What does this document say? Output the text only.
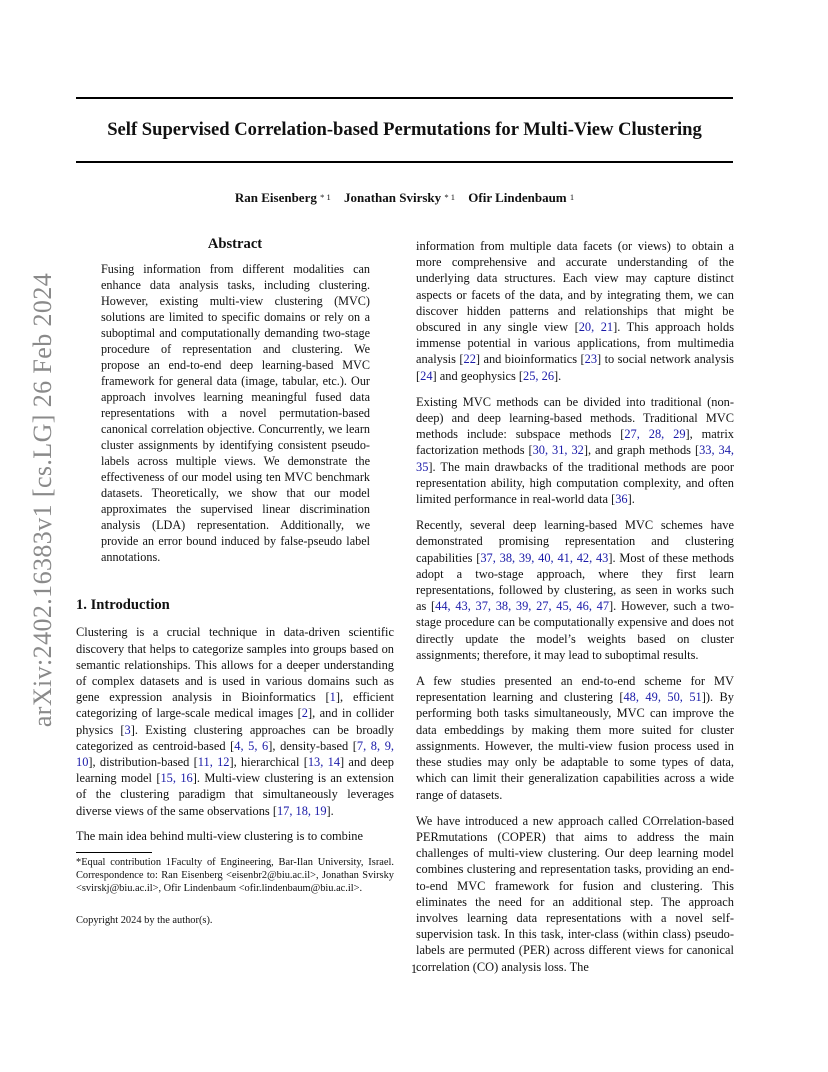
arXiv:2402.16383v1 [cs.LG] 26 Feb 2024
Self Supervised Correlation-based Permutations for Multi-View Clustering
Ran Eisenberg $^{* 1}$ Jonathan Svirsky $^{* 1}$ Ofir Lindenbaum $^1$
Abstract
Fusing information from different modalities can enhance data analysis tasks, including clustering. However, existing multi-view clustering (MVC) solutions are limited to specific domains or rely on a suboptimal and computationally demanding two-stage procedure of representation and clustering. We propose an end-to-end deep learning-based MVC framework for general data (image, tabular, etc.). Our approach involves learning meaningful fused data representations with a novel permutation-based canonical correlation objective. Concurrently, we learn cluster assignments by identifying consistent pseudo-labels across multiple views. We demonstrate the effectiveness of our model using ten MVC benchmark datasets. Theoretically, we show that our model approximates the supervised linear discrimination analysis (LDA) representation. Additionally, we provide an error bound induced by false-pseudo label annotations.
1. Introduction

Clustering is a crucial technique in data-driven scientific discovery that helps to categorize samples into groups based on semantic relationships. This allows for a deeper understanding of complex datasets and is used in various domains such as gene expression analysis in Bioinformatics [1], efficient categorizing of large-scale medical images [2], and in collider physics [3]. Existing clustering approaches can be broadly categorized as centroid-based [4, 5, 6], density-based [7, 8, 9, 10], distribution-based [11, 12], hierarchical [13, 14] and deep learning model [15, 16]. Multi-view clustering is an extension of the clustering paradigm that simultaneously leverages diverse views of the same observations [17, 18, 19].

The main idea behind multi-view clustering is to combine

*Equal contribution 1Faculty of Engineering, Bar-Ilan University, Israel. Correspondence to: Ran Eisenberg <eisenbr2@biu.ac.il>, Jonathan Svirsky <svirskj@biu.ac.il>, Ofir Lindenbaum <ofir.lindenbaum@biu.ac.il>.

Copyright 2024 by the author(s).

information from multiple data facets (or views) to obtain a more comprehensive and accurate understanding of the underlying data structures. Each view may capture distinct aspects or facets of the data, and by integrating them, we can discover hidden patterns and relationships that might be obscured in any single view [20, 21]. This approach holds immense potential in various applications, from multimedia analysis [22] and bioinformatics [23] to social network analysis [24] and geophysics [25, 26].

Existing MVC methods can be divided into traditional (non-deep) and deep learning-based methods. Traditional MVC methods include: subspace methods [27, 28, 29], matrix factorization methods [30, 31, 32], and graph methods [33, 34, 35]. The main drawbacks of the traditional methods are poor representation ability, high computation complexity, and often limited performance in real-world data [36].

Recently, several deep learning-based MVC schemes have demonstrated promising representation and clustering capabilities [37, 38, 39, 40, 41, 42, 43]. Most of these methods adopt a two-stage approach, where they first learn representations, followed by clustering, as seen in works such as [44, 43, 37, 38, 39, 27, 45, 46, 47]. However, such a two-stage procedure can be computationally expensive and does not directly update the model’s weights based on cluster assignments; therefore, it may lead to suboptimal results.

A few studies presented an end-to-end scheme for MV representation learning and clustering [48, 49, 50, 51]). By performing both tasks simultaneously, MVC can improve the data embeddings by making them more suited for cluster assignments. However, the multi-view fusion process used in these studies may only be adaptable to some types of data, which can limit their generalization capabilities across a wide range of datasets.

We have introduced a new approach called COrrelation-based PERmutations (COPER) that aims to address the main challenges of multi-view clustering. Our deep learning model combines clustering and representation tasks, providing an end-to-end MVC framework for fusion and clustering. This eliminates the need for an additional step. The approach involves learning data representations with a novel self-supervision task. In this task, inter-class (within class) pseudo-labels are permuted (PER) across different views for canonical correlation (CO) analysis loss. The

1
